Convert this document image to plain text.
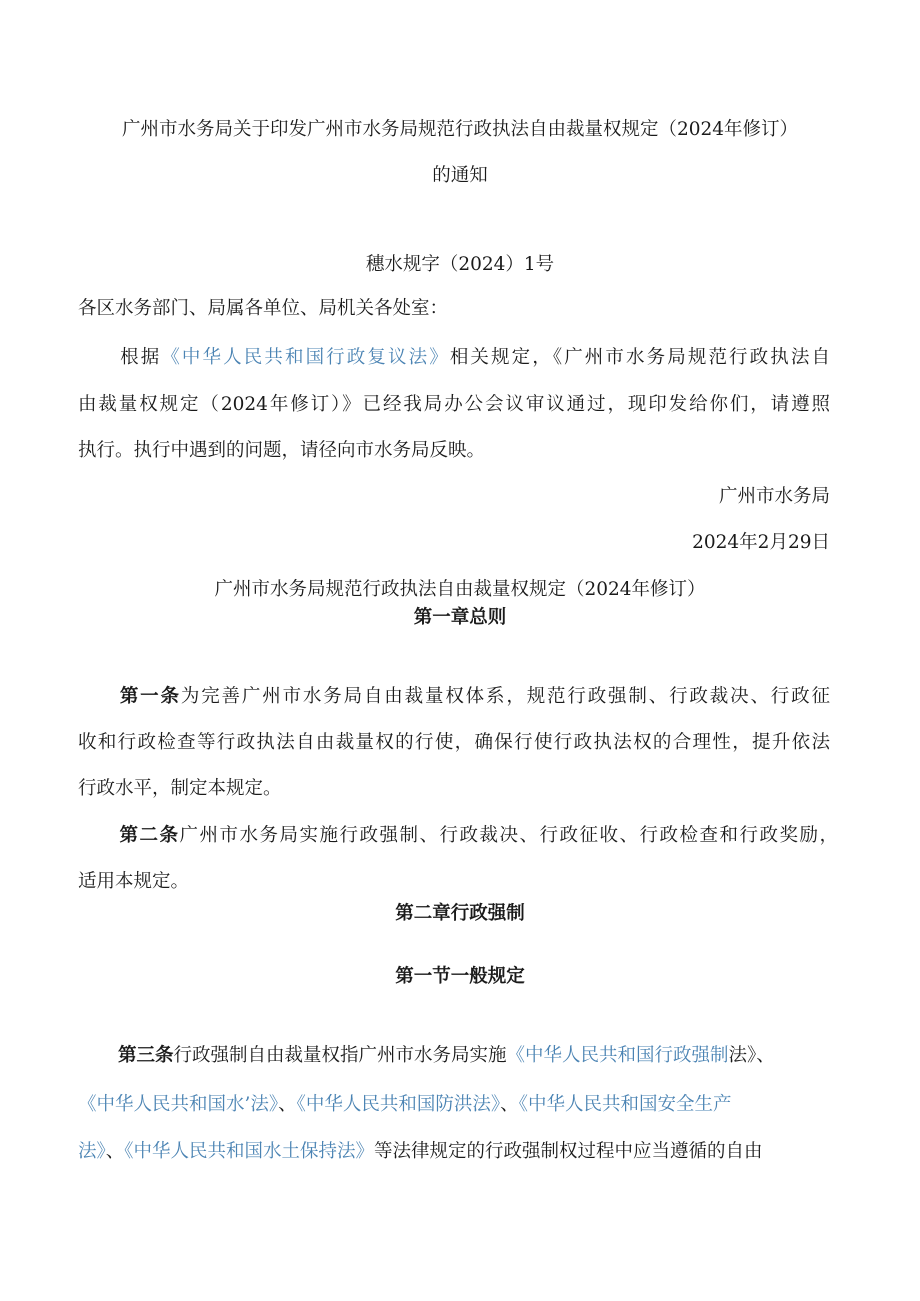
广州市水务局关于印发广州市水务局规范行政执法自由裁量权规定（2024年修订）
的通知
穗水规字（2024）1号
各区水务部门、局属各单位、局机关各处室：
根据《中华人民共和国行政复议法》相关规定，《广州市水务局规范行政执法自
由裁量权规定（2024年修订）》已经我局办公会议审议通过，现印发给你们，请遵照
执行。执行中遇到的问题，请径向市水务局反映。
广州市水务局
2024年2月29日
广州市水务局规范行政执法自由裁量权规定（2024年修订）
第一章总则
第一条为完善广州市水务局自由裁量权体系，规范行政强制、行政裁决、行政征
收和行政检查等行政执法自由裁量权的行使，确保行使行政执法权的合理性，提升依法
行政水平，制定本规定。
第二条广州市水务局实施行政强制、行政裁决、行政征收、行政检查和行政奖励，
适用本规定。
第二章行政强制
第一节一般规定
第三条行政强制自由裁量权指广州市水务局实施《中华人民共和国行政强制法》、
《中华人民共和国水’法》、《中华人民共和国防洪法》、《中华人民共和国安全生产
法》、《中华人民共和国水土保持法》等法律规定的行政强制权过程中应当遵循的自由
